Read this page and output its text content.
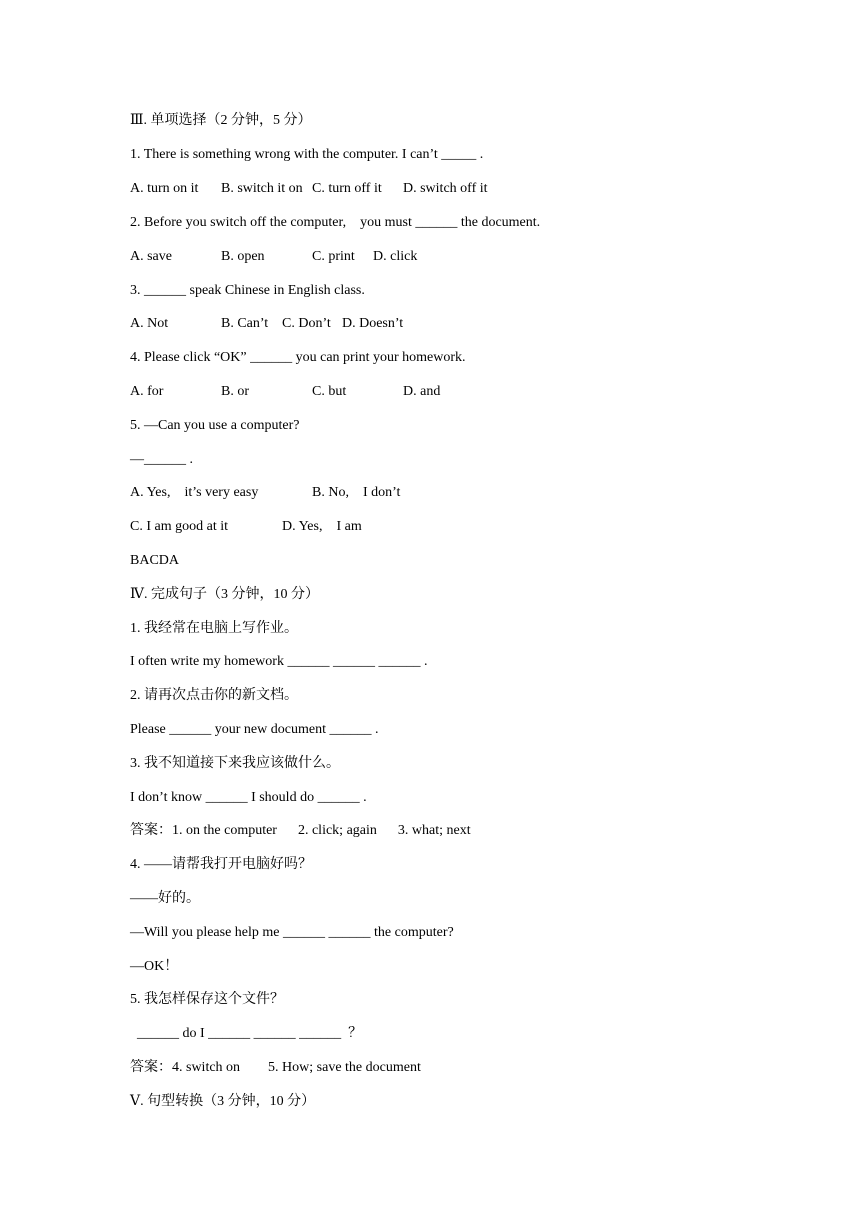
Ⅲ. 单项选择（2 分钟，5 分）
1. There is something wrong with the computer. I can’t _____ .

A. turn on it

B. switch it on

C. turn off it

D. switch off it

2. Before you switch off the computer,    you must ______ the document.

A. save

	B. open

	C. print

D. click

3. ______ speak Chinese in English class.

A. Not

	B. Can’t

C. Don’t

D. Doesn’t

4. Please click “OK” ______ you can print your homework.

A. for

	B. or

	C. but

	D. and

5. —Can you use a computer?
—______ .

A. Yes,    it’s very easy

	B. No,    I don’t

C. I am good at it

	D. Yes,    I am

BACDA
Ⅳ. 完成句子（3 分钟，10 分）
1. 我经常在电脑上写作业。
I often write my homework ______ ______ ______ .
2. 请再次点击你的新文档。
Please ______ your new document ______ .
3. 我不知道接下来我应该做什么。
I don’t know ______ I should do ______ .
答案：1. on the computer      2. click; again      3. what; next
4. ——请帮我打开电脑好吗？
——好的。
—Will you please help me ______ ______ the computer?
—OK！
5. 我怎样保存这个文件？
______ do I ______ ______ ______  ？
答案：4. switch on        5. How; save the document
Ⅴ. 句型转换（3 分钟，10 分）
